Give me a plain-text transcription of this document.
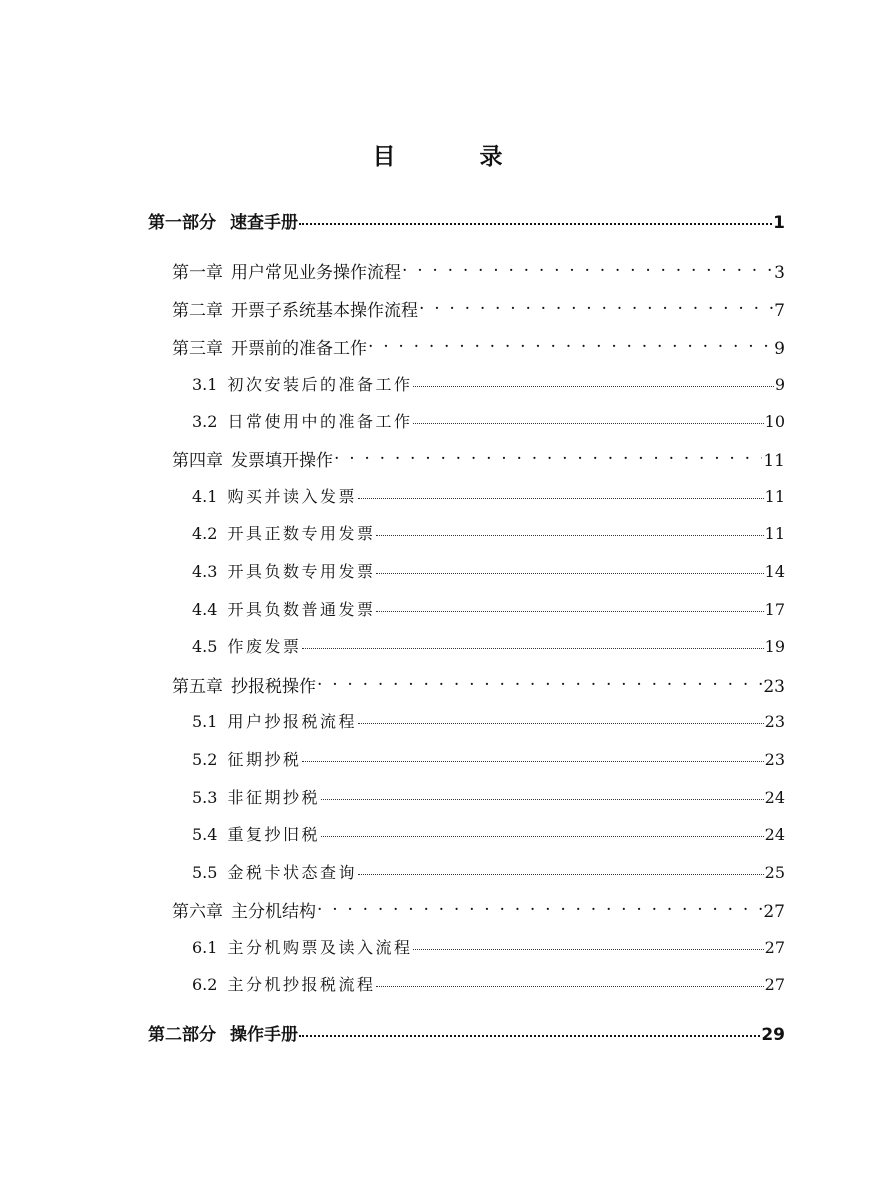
目	录
第一部分 速查手册	1
第一章 用户常见业务操作流程 . . .	3
第二章 开票子系统基本操作流程 . . .	7
第三章 开票前的准备工作 . . .	9
3.1 初次安装后的准备工作	9
3.2 日常使用中的准备工作	10
第四章 发票填开操作 . . .	11
4.1 购买并读入发票	11
4.2 开具正数专用发票	11
4.3 开具负数专用发票	14
4.4 开具负数普通发票	17
4.5 作废发票	19
第五章 抄报税操作 . . .	23
5.1 用户抄报税流程	23
5.2 征期抄税	23
5.3 非征期抄税	24
5.4 重复抄旧税	24
5.5 金税卡状态查询	25
第六章 主分机结构 . . .	27
6.1 主分机购票及读入流程	27
6.2 主分机抄报税流程	27
第二部分 操作手册	29
